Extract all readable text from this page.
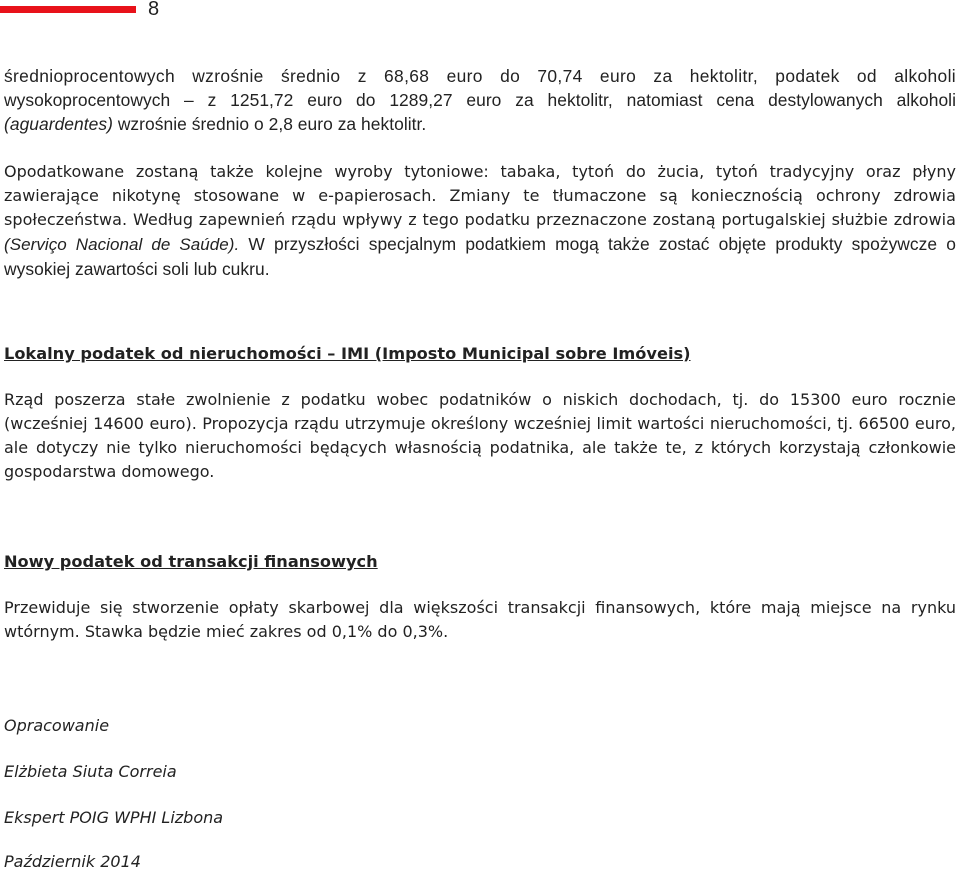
8

średnioprocentowych wzrośnie średnio z 68,68 euro do 70,74 euro za hektolitr, podatek od alkoholi
wysokoprocentowych – z 1251,72 euro do 1289,27 euro za hektolitr, natomiast cena destylowanych alkoholi
(aguardentes) wzrośnie średnio o 2,8 euro za hektolitr.

Opodatkowane zostaną także kolejne wyroby tytoniowe: tabaka, tytoń do żucia, tytoń tradycyjny oraz płyny zawierające nikotynę stosowane w e-papierosach. Zmiany te tłumaczone są koniecznością ochrony zdrowia społeczeństwa. Według zapewnień rządu wpływy z tego podatku przeznaczone zostaną portugalskiej służbie zdrowia (Serviço Nacional de Saúde). W przyszłości specjalnym podatkiem mogą także zostać objęte produkty spożywcze o wysokiej zawartości soli lub cukru.

Lokalny podatek od nieruchomości – IMI (Imposto Municipal sobre Imóveis)

Rząd poszerza stałe zwolnienie z podatku wobec podatników o niskich dochodach, tj. do 15300 euro rocznie (wcześniej 14600 euro). Propozycja rządu utrzymuje określony wcześniej limit wartości nieruchomości, tj. 66500 euro, ale dotyczy nie tylko nieruchomości będących własnością podatnika, ale także te, z których korzystają członkowie gospodarstwa domowego.

Nowy podatek od transakcji finansowych

Przewiduje się stworzenie opłaty skarbowej dla większości transakcji finansowych, które mają miejsce na rynku wtórnym. Stawka będzie mieć zakres od 0,1% do 0,3%.

Opracowanie

Elżbieta Siuta Correia

Ekspert POIG WPHI Lizbona

Październik 2014
